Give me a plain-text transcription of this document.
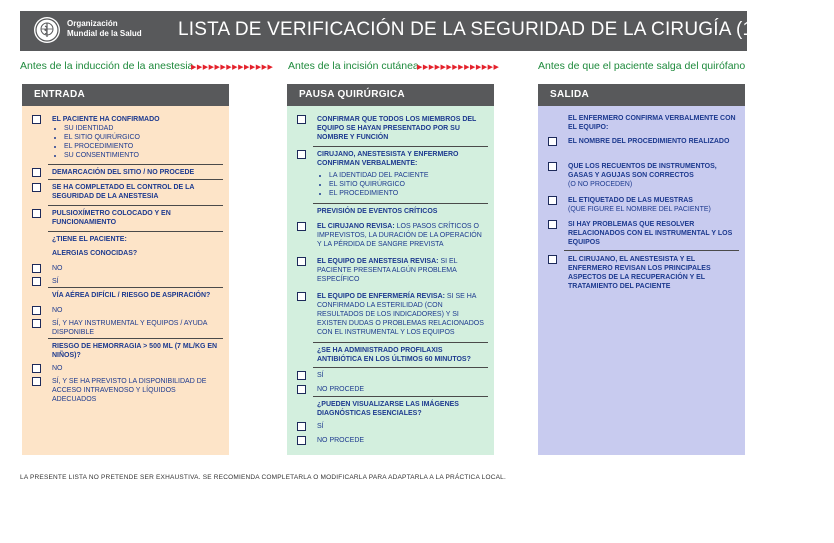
Organización
Mundial de la Salud LISTA DE VERIFICACIÓN DE LA SEGURIDAD DE LA CIRUGÍA (1ª edición)
Antes de la inducción de la anestesia
▶▶▶▶▶▶▶▶▶▶▶▶▶▶ Antes de la incisión cutánea
▶▶▶▶▶▶▶▶▶▶▶▶▶▶	Antes de que el paciente salga del quirófano
ENTRADA
EL PACIENTE HA CONFIRMADO
• SU IDENTIDAD
• EL SITIO QUIRÚRGICO
• EL PROCEDIMIENTO
• SU CONSENTIMIENTO
DEMARCACIÓN DEL SITIO / NO PROCEDE
SE HA COMPLETADO EL CONTROL DE LA SEGURIDAD DE LA ANESTESIA
PULSIOXÍMETRO COLOCADO Y EN FUNCIONAMIENTO
¿TIENE EL PACIENTE:
ALERGIAS CONOCIDAS?
NO
SÍ
VÍA AÉREA DIFÍCIL / RIESGO DE ASPIRACIÓN?
NO
SÍ, Y HAY INSTRUMENTAL Y EQUIPOS / AYUDA DISPONIBLE
RIESGO DE HEMORRAGIA > 500 ML (7 ML/KG EN NIÑOS)?
NO
SÍ, Y SE HA PREVISTO LA DISPONIBILIDAD DE ACCESO INTRAVENOSO Y LÍQUIDOS ADECUADOS
PAUSA QUIRÚRGICA
CONFIRMAR QUE TODOS LOS MIEMBROS DEL EQUIPO SE HAYAN PRESENTADO POR SU NOMBRE Y FUNCIÓN
CIRUJANO, ANESTESISTA Y ENFERMERO CONFIRMAN VERBALMENTE:
• LA IDENTIDAD DEL PACIENTE
• EL SITIO QUIRÚRGICO
• EL PROCEDIMIENTO
PREVISIÓN DE EVENTOS CRÍTICOS
EL CIRUJANO REVISA: LOS PASOS CRÍTICOS O IMPREVISTOS, LA DURACIÓN DE LA OPERACIÓN Y LA PÉRDIDA DE SANGRE PREVISTA
EL EQUIPO DE ANESTESIA REVISA: SI EL PACIENTE PRESENTA ALGÚN PROBLEMA ESPECÍFICO
EL EQUIPO DE ENFERMERÍA REVISA: SI SE HA CONFIRMADO LA ESTERILIDAD (CON RESULTADOS DE LOS INDICADORES) Y SI EXISTEN DUDAS O PROBLEMAS RELACIONADOS CON EL INSTRUMENTAL Y LOS EQUIPOS
¿SE HA ADMINISTRADO PROFILAXIS ANTIBIÓTICA EN LOS ÚLTIMOS 60 MINUTOS?
SÍ
NO PROCEDE
¿PUEDEN VISUALIZARSE LAS IMÁGENES DIAGNÓSTICAS ESENCIALES?
SÍ
NO PROCEDE
SALIDA
EL ENFERMERO CONFIRMA VERBALMENTE CON EL EQUIPO:
EL NOMBRE DEL PROCEDIMIENTO REALIZADO
QUE LOS RECUENTOS DE INSTRUMENTOS, GASAS Y AGUJAS SON CORRECTOS
(O NO PROCEDEN)
EL ETIQUETADO DE LAS MUESTRAS
(QUE FIGURE EL NOMBRE DEL PACIENTE)
SI HAY PROBLEMAS QUE RESOLVER RELACIONADOS CON EL INSTRUMENTAL Y LOS EQUIPOS
EL CIRUJANO, EL ANESTESISTA Y EL ENFERMERO REVISAN LOS PRINCIPALES ASPECTOS DE LA RECUPERACIÓN Y EL TRATAMIENTO DEL PACIENTE
LA PRESENTE LISTA NO PRETENDE SER EXHAUSTIVA. SE RECOMIENDA COMPLETARLA O MODIFICARLA PARA ADAPTARLA A LA PRÁCTICA LOCAL.
